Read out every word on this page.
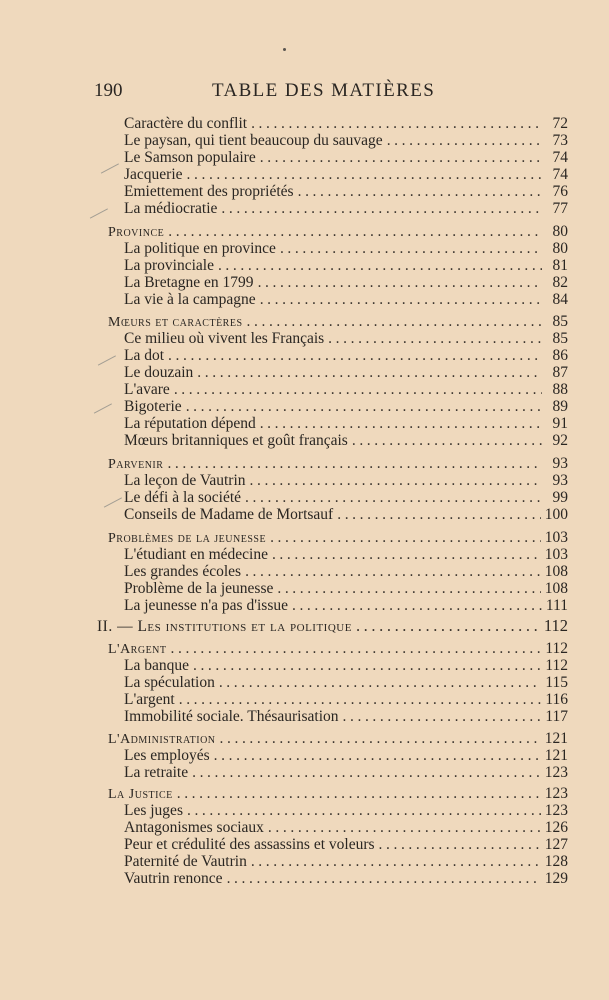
190	TABLE DES MATIÈRES
Caractère du conflit .....	72
Le paysan, qui tient beaucoup du sauvage .....	73
Le Samson populaire .....	74
Jacquerie .....	74
Emiettement des propriétés .....	76
La médiocratie .....	77
Province .....	80
La politique en province .....	80
La provinciale .....	81
La Bretagne en 1799 .....	82
La vie à la campagne .....	84
Mœurs et caractères .....	85
Ce milieu où vivent les Français .....	85
La dot .....	86
Le douzain .....	87
L'avare .....	88
Bigoterie .....	89
La réputation dépend .....	91
Mœurs britanniques et goût français .....	92
Parvenir .....	93
La leçon de Vautrin .....	93
Le défi à la société .....	99
Conseils de Madame de Mortsauf .....	100
Problèmes de la jeunesse .....	103
L'étudiant en médecine .....	103
Les grandes écoles .....	108
Problème de la jeunesse .....	108
La jeunesse n'a pas d'issue .....	111
II. — Les institutions et la politique .....	112
L'Argent .....	112
La banque .....	112
La spéculation .....	115
L'argent .....	116
Immobilité sociale. Thésaurisation .....	117
L'Administration .....	121
Les employés .....	121
La retraite .....	123
La Justice .....	123
Les juges .....	123
Antagonismes sociaux .....	126
Peur et crédulité des assassins et voleurs .....	127
Paternité de Vautrin .....	128
Vautrin renonce .....	129
